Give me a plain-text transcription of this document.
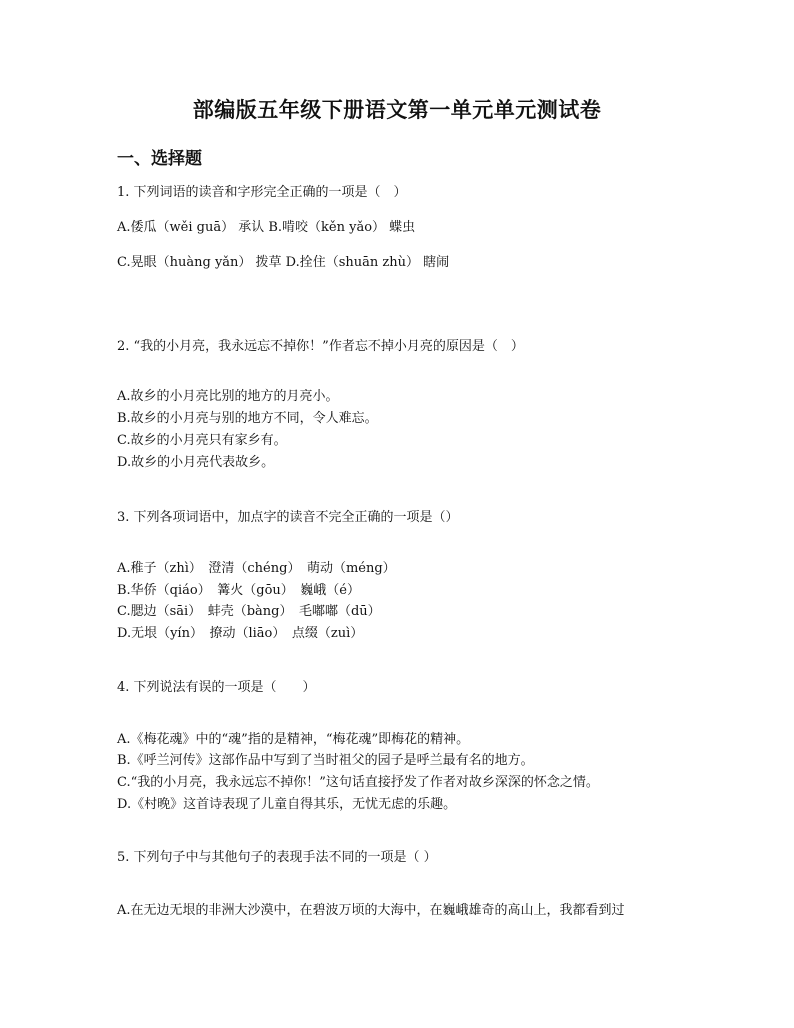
部编版五年级下册语文第一单元单元测试卷
一、选择题
1. 下列词语的读音和字形完全正确的一项是（　）
A.倭瓜（wěi guā） 承认 B.啃咬（kěn yǎo） 蝶虫
C.晃眼（huàng yǎn） 拨草 D.拴住（shuān zhù） 瞎闹
2. “我的小月亮，我永远忘不掉你！”作者忘不掉小月亮的原因是（　）
A.故乡的小月亮比别的地方的月亮小。
B.故乡的小月亮与别的地方不同，令人难忘。
C.故乡的小月亮只有家乡有。
D.故乡的小月亮代表故乡。
3. 下列各项词语中，加点字的读音不完全正确的一项是（）
A.稚子（zhì）　澄清（chéng）　萌动（méng）
B.华侨（qiáo）　篝火（gōu）　巍峨（é）
C.腮边（sāi）　蚌壳（bàng）　毛嘟嘟（dū）
D.无垠（yín）　撩动（liāo）　点缀（zuì）
4. 下列说法有误的一项是（　　）
A.《梅花魂》中的“魂”指的是精神，“梅花魂”即梅花的精神。
B.《呼兰河传》这部作品中写到了当时祖父的园子是呼兰最有名的地方。
C.“我的小月亮，我永远忘不掉你！”这句话直接抒发了作者对故乡深深的怀念之情。
D.《村晚》这首诗表现了儿童自得其乐，无忧无虑的乐趣。
5. 下列句子中与其他句子的表现手法不同的一项是（ ）
A.在无边无垠的非洲大沙漠中，在碧波万顷的大海中，在巍峨雄奇的高山上，我都看到过
